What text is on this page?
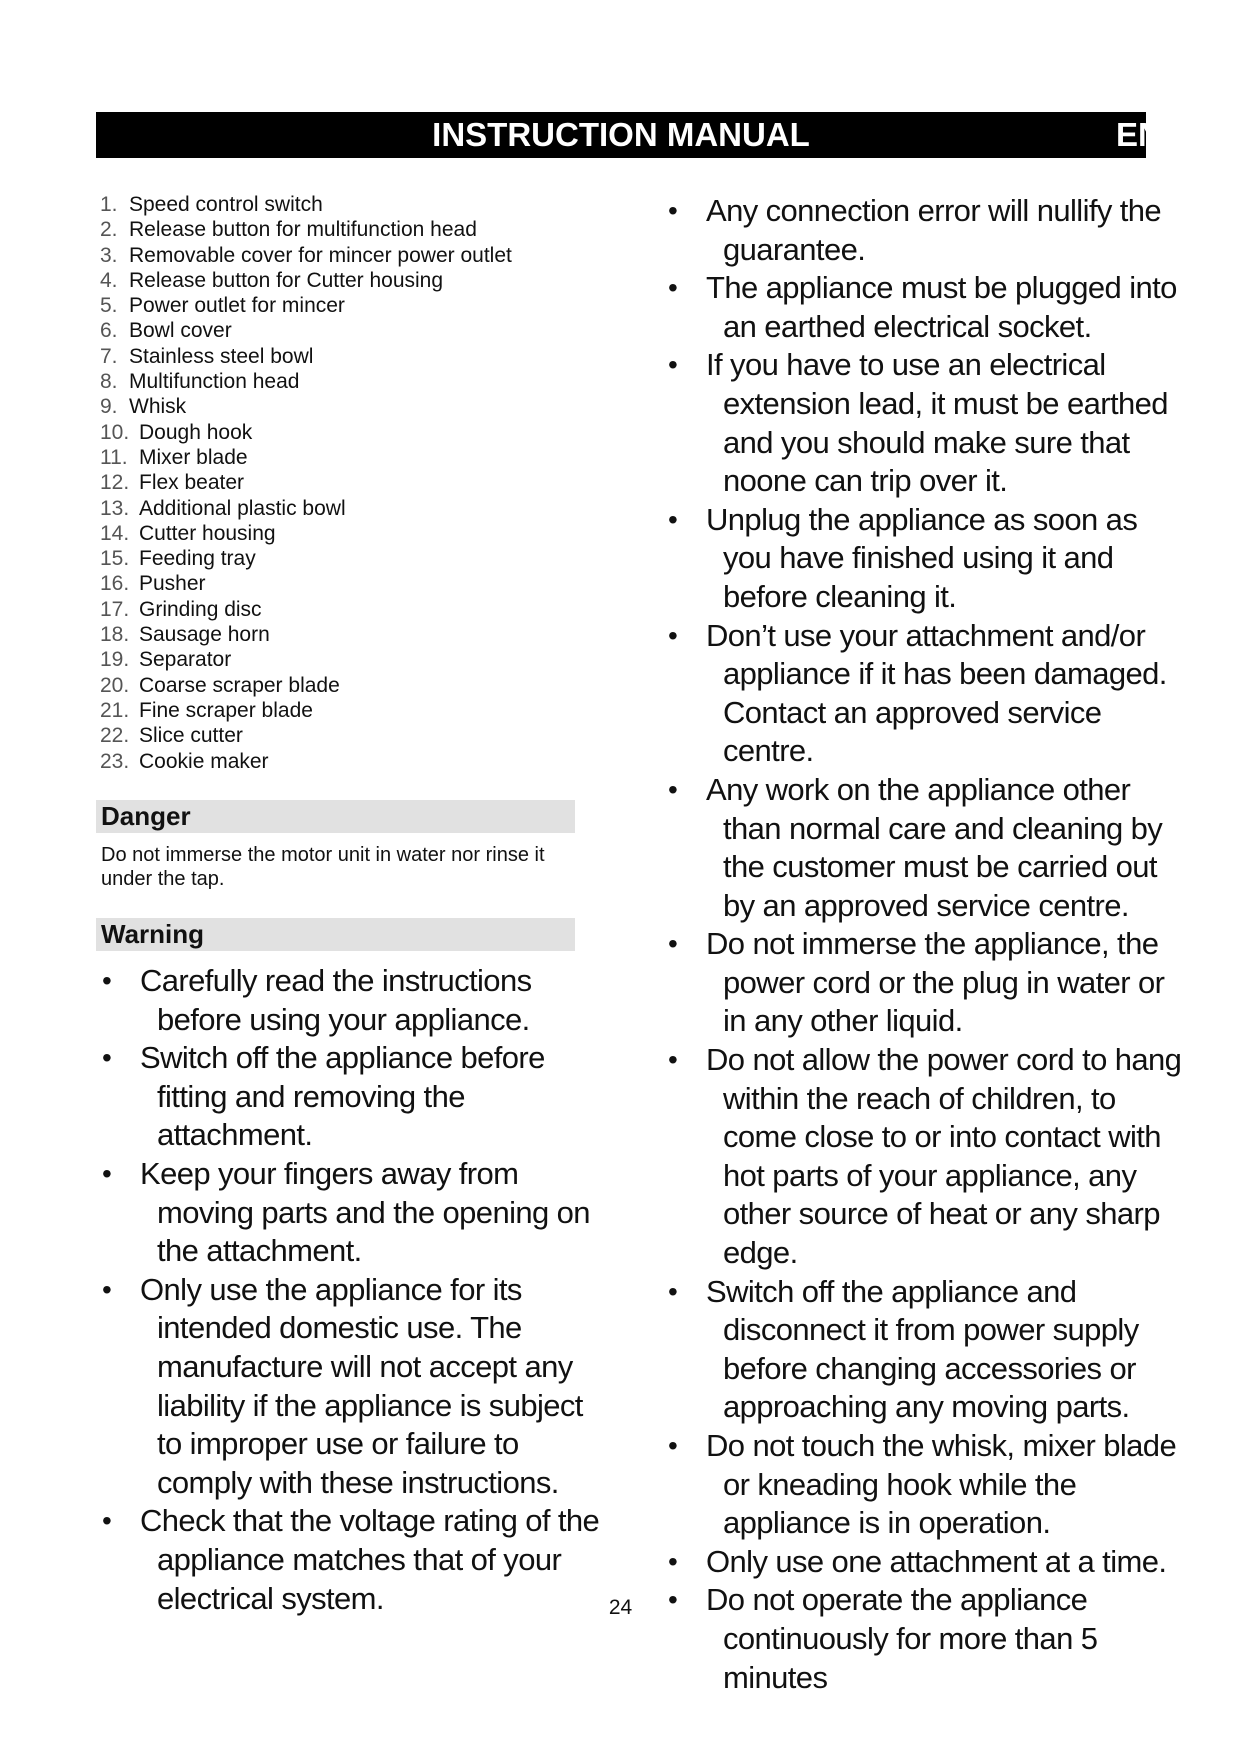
INSTRUCTION MANUAL	EN
1. Speed control switch
2. Release button for multifunction head
3. Removable cover for mincer power outlet
4. Release button for Cutter housing
5. Power outlet for mincer
6. Bowl cover
7. Stainless steel bowl
8. Multifunction head
9. Whisk
10. Dough hook
11. Mixer blade
12. Flex beater
13. Additional plastic bowl
14. Cutter housing
15. Feeding tray
16. Pusher
17. Grinding disc
18. Sausage horn
19. Separator
20. Coarse scraper blade
21. Fine scraper blade
22. Slice cutter
23. Cookie maker
Danger
Do not immerse the motor unit in water nor rinse it under the tap.
Warning
• Carefully read the instructions before using your appliance.
• Switch off the appliance before fitting and removing the attachment.
• Keep your fingers away from moving parts and the opening on the attachment.
• Only use the appliance for its intended domestic use. The manufacture will not accept any liability if the appliance is subject to improper use or failure to comply with these instructions.
• Check that the voltage rating of the appliance matches that of your electrical system.
• Any connection error will nullify the guarantee.
• The appliance must be plugged into an earthed electrical socket.
• If you have to use an electrical extension lead, it must be earthed and you should make sure that noone can trip over it.
• Unplug the appliance as soon as you have finished using it and before cleaning it.
• Don’t use your attachment and/or appliance if it has been damaged. Contact an approved service centre.
• Any work on the appliance other than normal care and cleaning by the customer must be carried out by an approved service centre.
• Do not immerse the appliance, the power cord or the plug in water or in any other liquid.
• Do not allow the power cord to hang within the reach of children, to come close to or into contact with hot parts of your appliance, any other source of heat or any sharp edge.
• Switch off the appliance and disconnect it from power supply before changing accessories or approaching any moving parts.
• Do not touch the whisk, mixer blade or kneading hook while the appliance is in operation.
• Only use one attachment at a time.
• Do not operate the appliance continuously for more than 5 minutes
24
